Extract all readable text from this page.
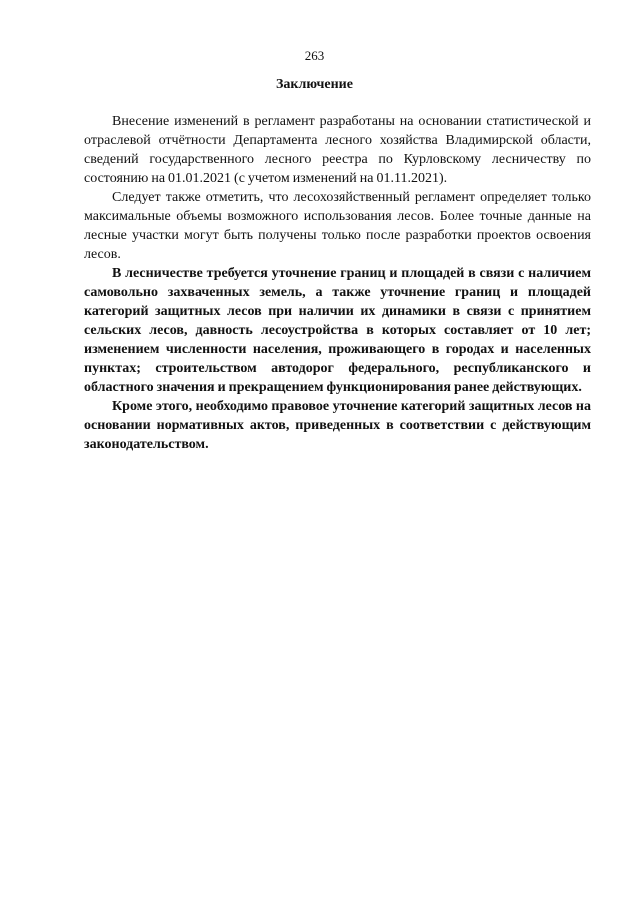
263
Заключение

Внесение изменений в регламент разработаны на основании статистической и отраслевой отчётности Департамента лесного хозяйства Владимирской области, сведений государственного лесного реестра по Курловскому лесничеству по состоянию на 01.01.2021 (с учетом изменений на 01.11.2021).

Следует также отметить, что лесохозяйственный регламент определяет только максимальные объемы возможного использования лесов. Более точные данные на лесные участки могут быть получены только после разработки проектов освоения лесов.

В лесничестве требуется уточнение границ и площадей в связи с наличием самовольно захваченных земель, а также уточнение границ и площадей категорий защитных лесов при наличии их динамики в связи с принятием сельских лесов, давность лесоустройства в которых составляет от 10 лет; изменением численности населения, проживающего в городах и населенных пунктах; строительством автодорог федерального, республиканского и областного значения и прекращением функционирования ранее действующих.

Кроме этого, необходимо правовое уточнение категорий защитных лесов на основании нормативных актов, приведенных в соответствии с действующим законодательством.
